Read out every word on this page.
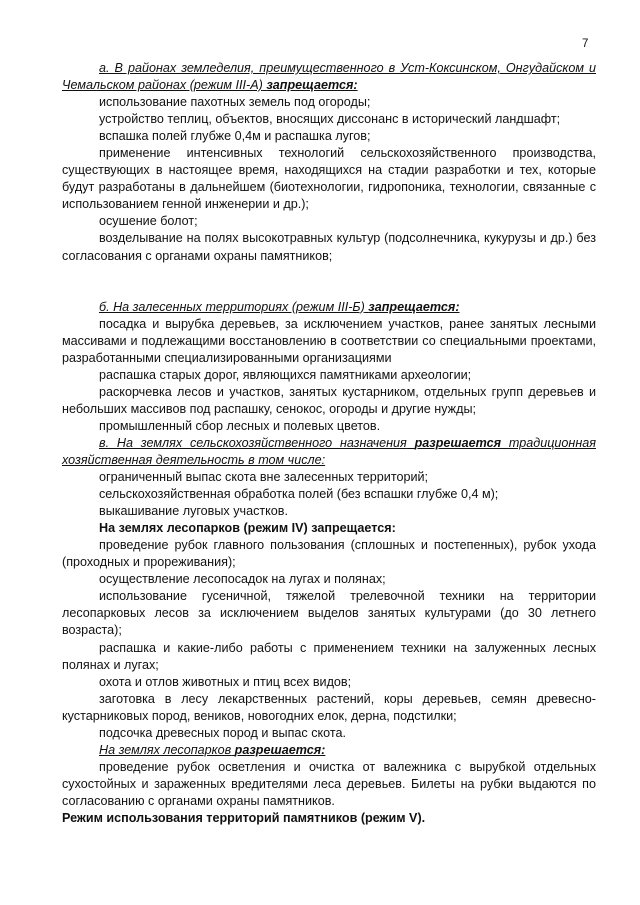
7

а. В районах земледелия, преимущественного в Уст-Коксинском, Онгудайском и Чемальском районах (режим III-А) запрещается:

использование пахотных земель под огороды;

устройство теплиц, объектов, вносящих диссонанс в исторический ландшафт;

вспашка полей глубже 0,4м и распашка лугов;

применение интенсивных технологий сельскохозяйственного производства, существующих в настоящее время, находящихся на стадии разработки и тех, которые будут разработаны в дальнейшем (биотехнологии, гидропоника, технологии, связанные с использованием генной инженерии и др.);

осушение болот;

возделывание на полях высокотравных культур (подсолнечника, кукурузы и др.) без согласования с органами охраны памятников;

б. На залесенных территориях (режим III-Б) запрещается:

посадка и вырубка деревьев, за исключением участков, ранее занятых лесными массивами и подлежащими восстановлению в соответствии со специальными проектами, разработанными специализированными организациями

распашка старых дорог, являющихся памятниками археологии;

раскорчевка лесов и участков, занятых кустарником, отдельных групп деревьев и небольших массивов под распашку, сенокос, огороды и другие нужды;

промышленный сбор лесных и полевых цветов.

в. На землях сельскохозяйственного назначения разрешается традиционная хозяйственная деятельность в том числе:

ограниченный выпас скота вне залесенных территорий;

сельскохозяйственная обработка полей (без вспашки глубже 0,4 м);

выкашивание луговых участков.

На землях лесопарков (режим IV) запрещается:

проведение рубок главного пользования (сплошных и постепенных), рубок ухода (проходных и прореживания);

осуществление лесопосадок на лугах и полянах;

использование гусеничной, тяжелой трелевочной техники на территории лесопарковых лесов за исключением выделов занятых культурами (до 30 летнего возраста);

распашка и какие-либо работы с применением техники на залуженных лесных полянах и лугах;

охота и отлов животных и птиц всех видов;

заготовка в лесу лекарственных растений, коры деревьев, семян древесно-кустарниковых пород, веников, новогодних елок, дерна, подстилки;

подсочка древесных пород и выпас скота.

На землях лесопарков разрешается:

проведение рубок осветления и очистка от валежника с вырубкой отдельных сухостойных и зараженных вредителями леса деревьев. Билеты на рубки выдаются по согласованию с органами охраны памятников.

Режим использования территорий памятников (режим V).
